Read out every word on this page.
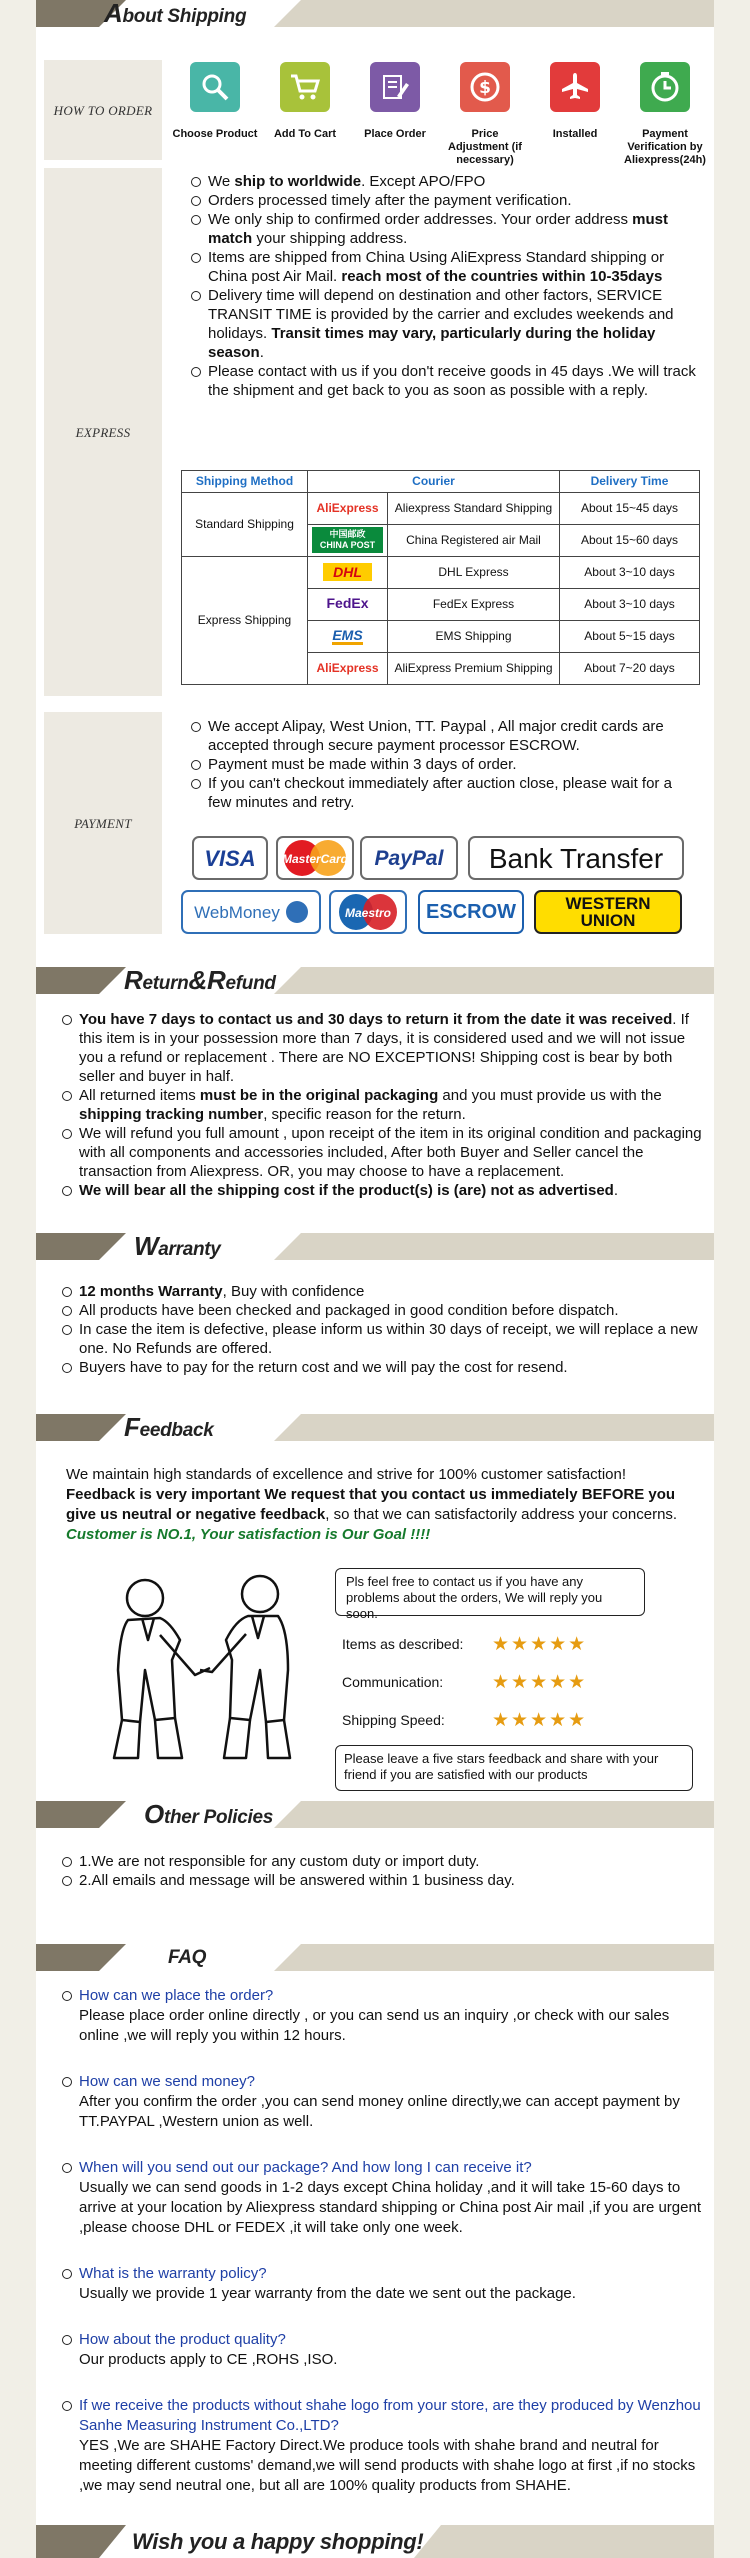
About Shipping
HOW TO ORDER
Choose Product	Add To Cart	Place Order
$
Price Adjustment (if necessary)
Installed	Payment Verification by Aliexpress(24h)
EXPRESS
We ship to worldwide. Except APO/FPO
Orders processed timely after the payment verification.
We only ship to confirmed order addresses. Your order address must match your shipping address.
Items are shipped from China Using AliExpress Standard shipping or China post Air Mail. reach most of the countries within 10-35days
Delivery time will depend on destination and other factors, SERVICE TRANSIT TIME is provided by the carrier and excludes weekends and holidays. Transit times may vary, particularly during the holiday season.
Please contact with us if you don't receive goods in 45 days .We will track the shipment and get back to you as soon as possible with a reply.
Shipping Method	Courier		Delivery Time
Standard Shipping	AliExpress	Aliexpress Standard Shipping	About 15~45 days
	中国邮政 CHINA POST	China Registered air Mail	About 15~60 days
Express Shipping	DHL	DHL Express	About 3~10 days
	FedEx	FedEx Express	About 3~10 days
	EMS	EMS Shipping	About 5~15 days
	AliExpress	AliExpress Premium Shipping	About 7~20 days
PAYMENT
We accept Alipay, West Union, TT. Paypal , All major credit cards are accepted through secure payment processor ESCROW.
Payment must be made within 3 days of order.
If you can't checkout immediately after auction close, please wait for a few minutes and retry.
VISA MasterCard PayPal Bank Transfer
WebMoney	Maestro	ESCROW	WESTERN UNION
Return&Refund
You have 7 days to contact us and 30 days to return it from the date it was received. If this item is in your possession more than 7 days, it is considered used and we will not issue you a refund or replacement . There are NO EXCEPTIONS! Shipping cost is bear by both seller and buyer in half.
All returned items must be in the original packaging and you must provide us with the shipping tracking number, specific reason for the return.
We will refund you full amount , upon receipt of the item in its original condition and packaging with all components and accessories included, After both Buyer and Seller cancel the transaction from Aliexpress. OR, you may choose to have a replacement.
We will bear all the shipping cost if the product(s) is (are) not as advertised.
Warranty
12 months Warranty, Buy with confidence
All products have been checked and packaged in good condition before dispatch.
In case the item is defective, please inform us within 30 days of receipt, we will replace a new one. No Refunds are offered.
Buyers have to pay for the return cost and we will pay the cost for resend.
Feedback
We maintain high standards of excellence and strive for 100% customer satisfaction!
Feedback is very important We request that you contact us immediately BEFORE you give us neutral or negative feedback, so that we can satisfactorily address your concerns. Customer is NO.1, Your satisfaction is Our Goal !!!!
Pls feel free to contact us if you have any problems about the orders, We will reply you soon.
Items as described:	★★★★★
Communication:	★★★★★
Shipping Speed:	★★★★★
Please leave a five stars feedback and share with your friend if you are satisfied with our products
Other Policies
1.We are not responsible for any custom duty or import duty.
2.All emails and message will be answered within 1 business day.
FAQ
How can we place the order?
Please place order online directly , or you can send us an inquiry ,or check with our sales online ,we will reply you within 12 hours.
How can we send money?
After you confirm the order ,you can send money online directly,we can accept payment by TT.PAYPAL ,Western union as well.
When will you send out our package? And how long I can receive it?
Usually we can send goods in 1-2 days except China holiday ,and it will take 15-60 days to arrive at your location by Aliexpress standard shipping or China post Air mail ,if you are urgent ,please choose DHL or FEDEX ,it will take only one week.
What is the warranty policy?
Usually we provide 1 year warranty from the date we sent out the package.
How about the product quality?
Our products apply to CE ,ROHS ,ISO.
If we receive the products without shahe logo from your store, are they produced by Wenzhou Sanhe Measuring Instrument Co.,LTD?
YES ,We are SHAHE Factory Direct.We produce tools with shahe brand and neutral for meeting different customs' demand,we will send products with shahe logo at first ,if no stocks ,we may send neutral one, but all are 100% quality products from SHAHE.
Wish you a happy shopping!
